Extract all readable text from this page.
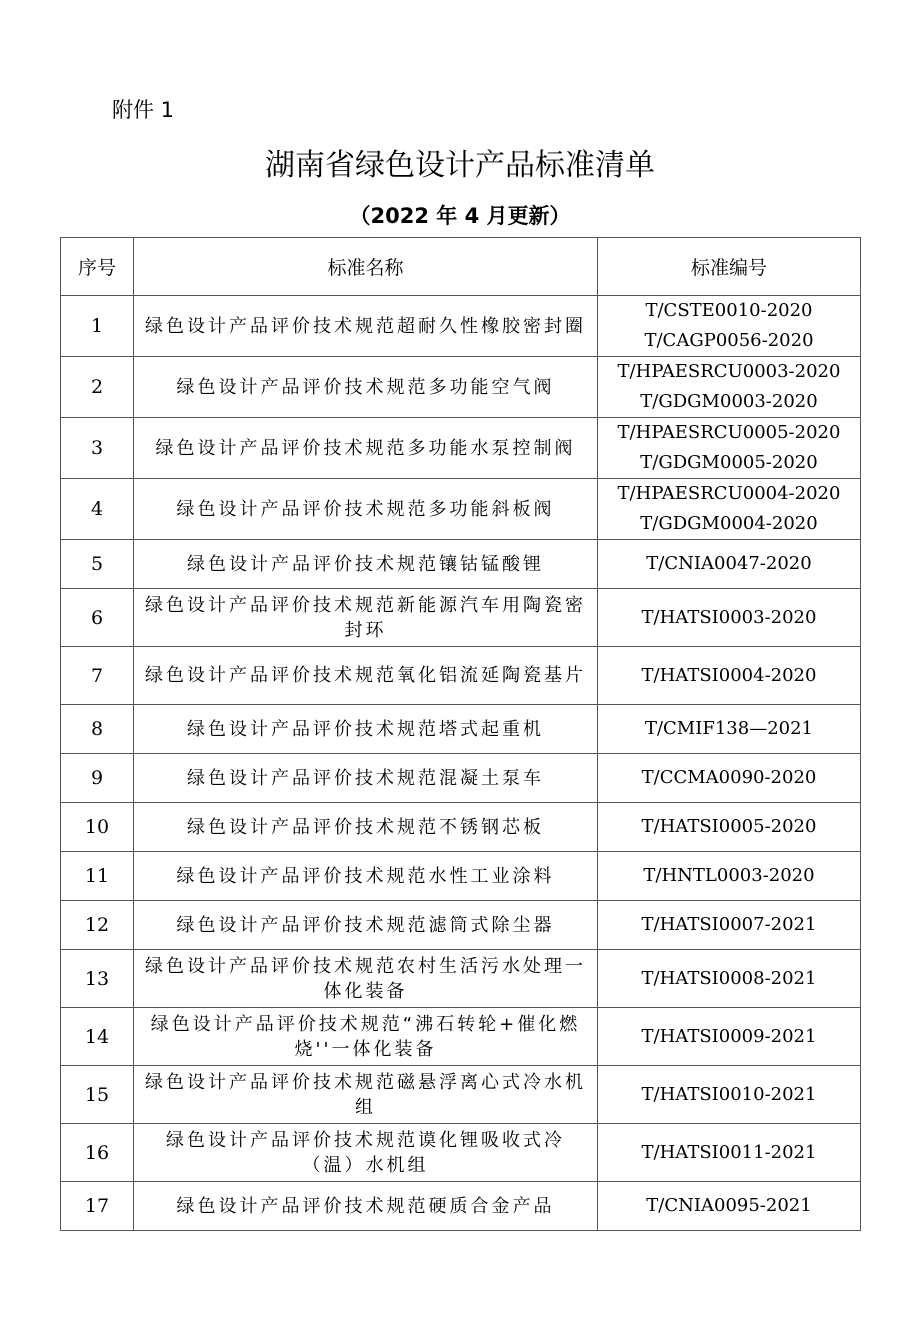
附件 1
湖南省绿色设计产品标准清单
（2022 年 4 月更新）
序号	标准名称	标准编号
1	绿色设计产品评价技术规范超耐久性橡胶密封圈	T/CSTE0010-2020
T/CAGP0056-2020
2	绿色设计产品评价技术规范多功能空气阀	T/HPAESRCU0003-2020
T/GDGM0003-2020
3	绿色设计产品评价技术规范多功能水泵控制阀	T/HPAESRCU0005-2020
T/GDGM0005-2020
4	绿色设计产品评价技术规范多功能斜板阀	T/HPAESRCU0004-2020
T/GDGM0004-2020
5	绿色设计产品评价技术规范镶钴锰酸锂	T/CNIA0047-2020
6	绿色设计产品评价技术规范新能源汽车用陶瓷密封环	T/HATSI0003-2020
7	绿色设计产品评价技术规范氧化铝流延陶瓷基片	T/HATSI0004-2020
8	绿色设计产品评价技术规范塔式起重机	T/CMIF138—2021
9	绿色设计产品评价技术规范混凝土泵车	T/CCMA0090-2020
10	绿色设计产品评价技术规范不锈钢芯板	T/HATSI0005-2020
11	绿色设计产品评价技术规范水性工业涂料	T/HNTL0003-2020
12	绿色设计产品评价技术规范滤筒式除尘器	T/HATSI0007-2021
13	绿色设计产品评价技术规范农村生活污水处理一体化装备	T/HATSI0008-2021
14	绿色设计产品评价技术规范“沸石转轮+催化燃烧''一体化装备	T/HATSI0009-2021
15	绿色设计产品评价技术规范磁悬浮离心式冷水机组	T/HATSI0010-2021
16	绿色设计产品评价技术规范谟化锂吸收式冷（温）水机组	T/HATSI0011-2021
17	绿色设计产品评价技术规范硬质合金产品	T/CNIA0095-2021
